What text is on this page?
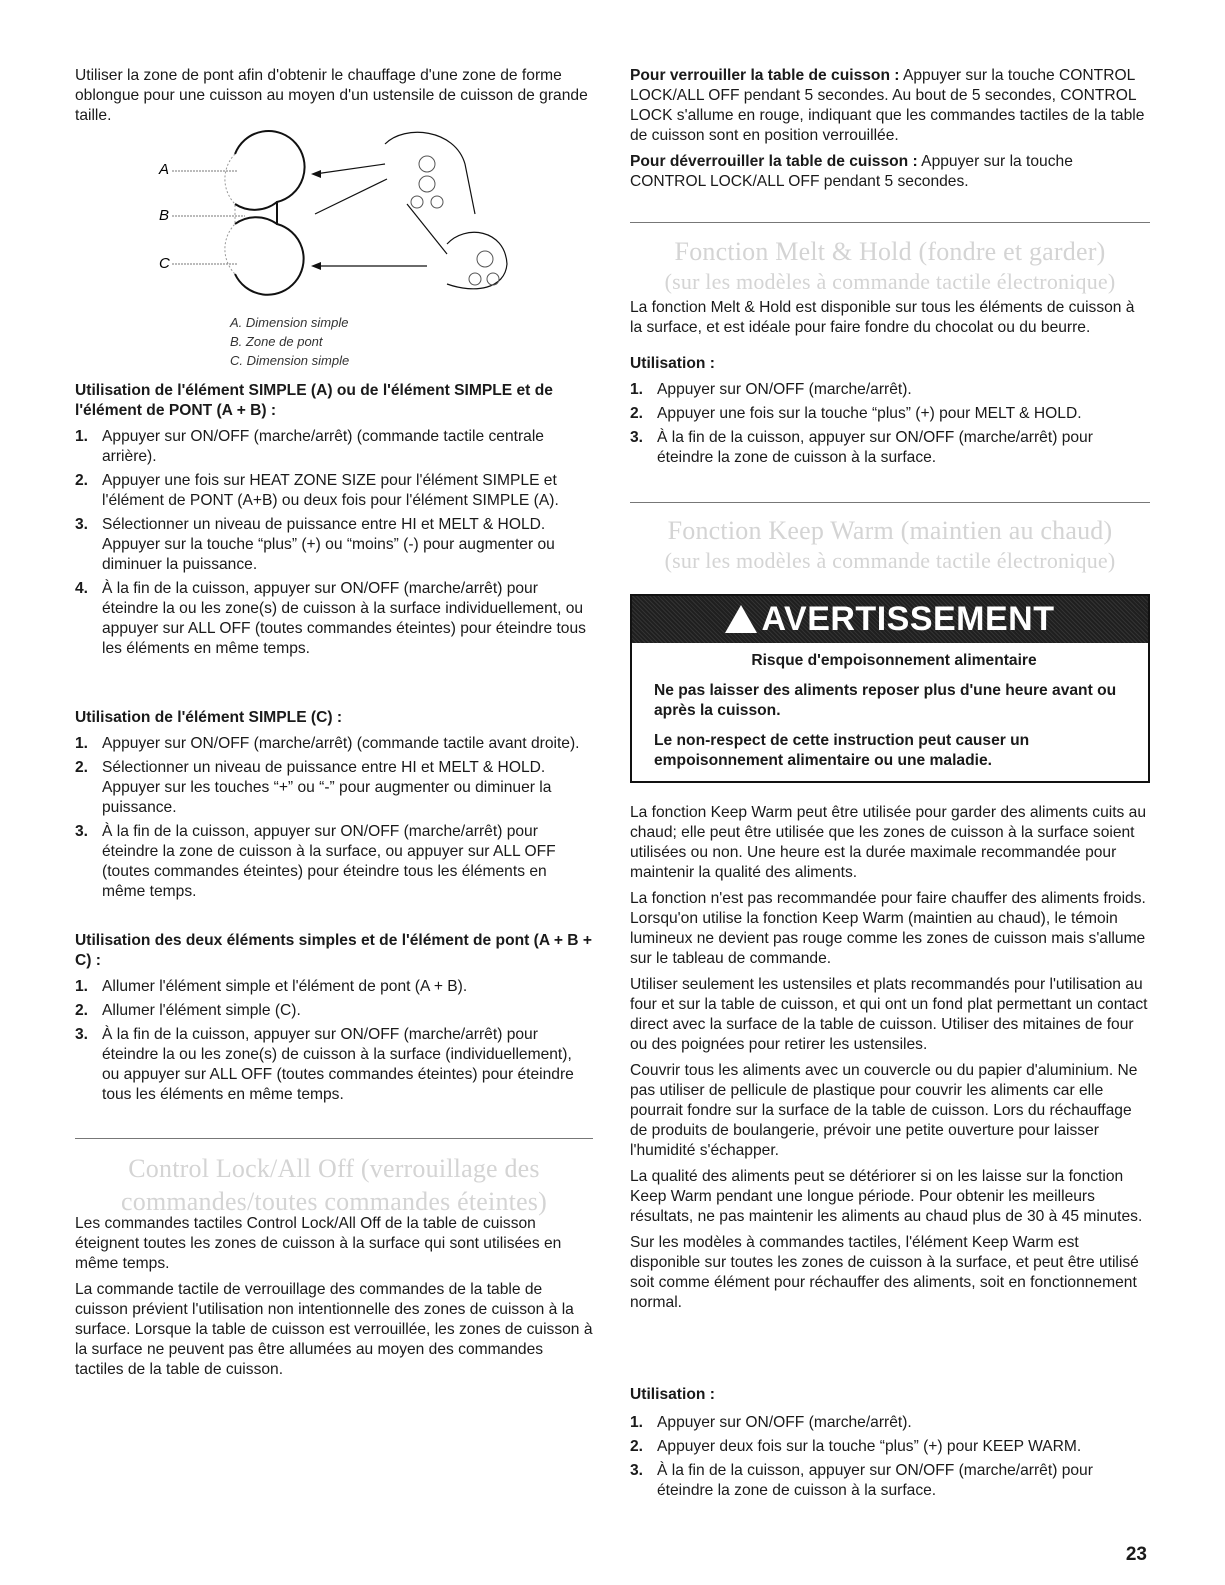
Utiliser la zone de pont afin d'obtenir le chauffage d'une zone de forme oblongue pour une cuisson au moyen d'un ustensile de cuisson de grande taille.

A
B
C
A. Dimension simple
B. Zone de pont
C. Dimension simple

Utilisation de l'élément SIMPLE (A) ou de l'élément SIMPLE et de l'élément de PONT (A + B) :

1. Appuyer sur ON/OFF (marche/arrêt) (commande tactile centrale arrière).
2. Appuyer une fois sur HEAT ZONE SIZE pour l'élément SIMPLE et l'élément de PONT (A+B) ou deux fois pour l'élément SIMPLE (A).
3. Sélectionner un niveau de puissance entre HI et MELT & HOLD. Appuyer sur la touche “plus” (+) ou “moins” (-) pour augmenter ou diminuer la puissance.
4. À la fin de la cuisson, appuyer sur ON/OFF (marche/arrêt) pour éteindre la ou les zone(s) de cuisson à la surface individuellement, ou appuyer sur ALL OFF (toutes commandes éteintes) pour éteindre tous les éléments en même temps.

Utilisation de l'élément SIMPLE (C) :

1. Appuyer sur ON/OFF (marche/arrêt) (commande tactile avant droite).
2. Sélectionner un niveau de puissance entre HI et MELT & HOLD. Appuyer sur les touches “+” ou “-” pour augmenter ou diminuer la puissance.
3. À la fin de la cuisson, appuyer sur ON/OFF (marche/arrêt) pour éteindre la zone de cuisson à la surface, ou appuyer sur ALL OFF (toutes commandes éteintes) pour éteindre tous les éléments en même temps.

Utilisation des deux éléments simples et de l'élément de pont (A + B + C) :

1. Allumer l'élément simple et l'élément de pont (A + B).
2. Allumer l'élément simple (C).
3. À la fin de la cuisson, appuyer sur ON/OFF (marche/arrêt) pour éteindre la ou les zone(s) de cuisson à la surface (individuellement), ou appuyer sur ALL OFF (toutes commandes éteintes) pour éteindre tous les éléments en même temps.

Control Lock/All Off (verrouillage des

commandes/toutes commandes éteintes)

Les commandes tactiles Control Lock/All Off de la table de cuisson éteignent toutes les zones de cuisson à la surface qui sont utilisées en même temps.

La commande tactile de verrouillage des commandes de la table de cuisson prévient l'utilisation non intentionnelle des zones de cuisson à la surface. Lorsque la table de cuisson est verrouillée, les zones de cuisson à la surface ne peuvent pas être allumées au moyen des commandes tactiles de la table de cuisson.

Pour verrouiller la table de cuisson : Appuyer sur la touche CONTROL LOCK/ALL OFF pendant 5 secondes. Au bout de 5 secondes, CONTROL LOCK s'allume en rouge, indiquant que les commandes tactiles de la table de cuisson sont en position verrouillée.

Pour déverrouiller la table de cuisson : Appuyer sur la touche CONTROL LOCK/ALL OFF pendant 5 secondes.

Fonction Melt & Hold (fondre et garder)

(sur les modèles à commande tactile électronique)

La fonction Melt & Hold est disponible sur tous les éléments de cuisson à la surface, et est idéale pour faire fondre du chocolat ou du beurre.

Utilisation :

1. Appuyer sur ON/OFF (marche/arrêt).
2. Appuyer une fois sur la touche “plus” (+) pour MELT & HOLD.
3. À la fin de la cuisson, appuyer sur ON/OFF (marche/arrêt) pour éteindre la zone de cuisson à la surface.

Fonction Keep Warm (maintien au chaud)

(sur les modèles à commande tactile électronique)

AVERTISSEMENT
Risque d'empoisonnement alimentaire

Ne pas laisser des aliments reposer plus d'une heure avant ou après la cuisson.

Le non-respect de cette instruction peut causer un empoisonnement alimentaire ou une maladie.

La fonction Keep Warm peut être utilisée pour garder des aliments cuits au chaud; elle peut être utilisée que les zones de cuisson à la surface soient utilisées ou non. Une heure est la durée maximale recommandée pour maintenir la qualité des aliments.

La fonction n'est pas recommandée pour faire chauffer des aliments froids. Lorsqu'on utilise la fonction Keep Warm (maintien au chaud), le témoin lumineux ne devient pas rouge comme les zones de cuisson mais s'allume sur le tableau de commande.

Utiliser seulement les ustensiles et plats recommandés pour l'utilisation au four et sur la table de cuisson, et qui ont un fond plat permettant un contact direct avec la surface de la table de cuisson. Utiliser des mitaines de four ou des poignées pour retirer les ustensiles.

Couvrir tous les aliments avec un couvercle ou du papier d'aluminium. Ne pas utiliser de pellicule de plastique pour couvrir les aliments car elle pourrait fondre sur la surface de la table de cuisson. Lors du réchauffage de produits de boulangerie, prévoir une petite ouverture pour laisser l'humidité s'échapper.

La qualité des aliments peut se détériorer si on les laisse sur la fonction Keep Warm pendant une longue période. Pour obtenir les meilleurs résultats, ne pas maintenir les aliments au chaud plus de 30 à 45 minutes.

Sur les modèles à commandes tactiles, l'élément Keep Warm est disponible sur toutes les zones de cuisson à la surface, et peut être utilisé soit comme élément pour réchauffer des aliments, soit en fonctionnement normal.

Utilisation :

1. Appuyer sur ON/OFF (marche/arrêt).
2. Appuyer deux fois sur la touche “plus” (+) pour KEEP WARM.
3. À la fin de la cuisson, appuyer sur ON/OFF (marche/arrêt) pour éteindre la zone de cuisson à la surface.
23
